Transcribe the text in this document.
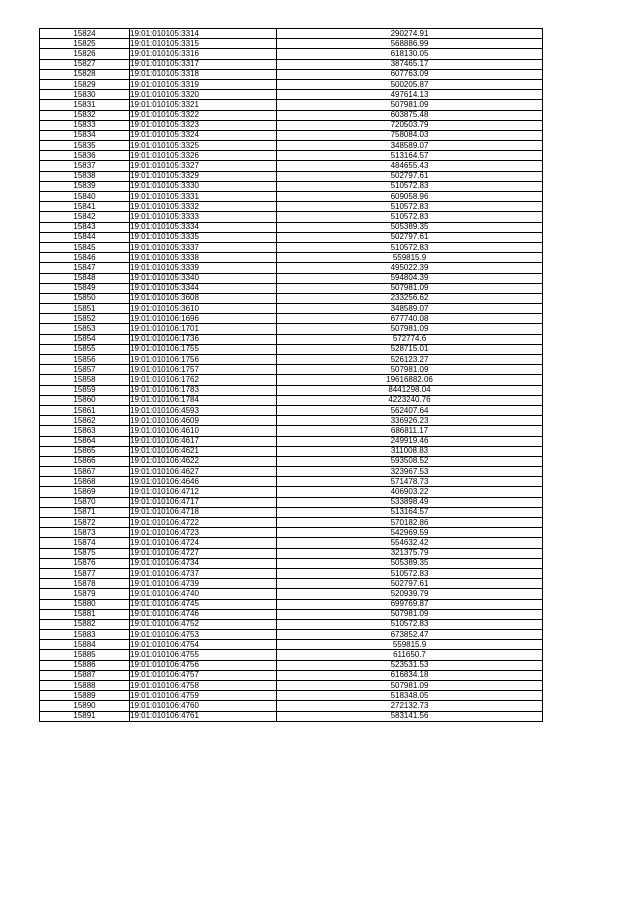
15824	19:01:010105:3314	290274.91
15825	19:01:010105:3315	568886.99
15826	19:01:010105:3316	618130.05
15827	19:01:010105:3317	387465.17
15828	19:01:010105:3318	607763.09
15829	19:01:010105:3319	500205.87
15830	19:01:010105:3320	497614.13
15831	19:01:010105:3321	507981.09
15832	19:01:010105:3322	603875.48
15833	19:01:010105:3323	720503.79
15834	19:01:010105:3324	758084.03
15835	19:01:010105:3325	348589.07
15836	19:01:010105:3326	513164.57
15837	19:01:010105:3327	484655.43
15838	19:01:010105:3329	502797.61
15839	19:01:010105:3330	510572.83
15840	19:01:010105:3331	609058.96
15841	19:01:010105:3332	510572.83
15842	19:01:010105:3333	510572.83
15843	19:01:010105:3334	505389.35
15844	19:01:010105:3335	502797.61
15845	19:01:010105:3337	510572.83
15846	19:01:010105:3338	559815.9
15847	19:01:010105:3339	495022.39
15848	19:01:010105:3340	594804.39
15849	19:01:010105:3344	507981.09
15850	19:01:010105:3608	233256.62
15851	19:01:010105:3610	348589.07
15852	19:01:010106:1696	677740.08
15853	19:01:010106:1701	507981.09
15854	19:01:010106:1736	572774.6
15855	19:01:010106:1755	528715.01
15856	19:01:010106:1756	526123.27
15857	19:01:010106:1757	507981.09
15858	19:01:010106:1762	19616882.06
15859	19:01:010106:1783	8441298.04
15860	19:01:010106:1784	4223240.76
15861	19:01:010106:4593	562407.64
15862	19:01:010106:4609	336926.23
15863	19:01:010106:4610	686811.17
15864	19:01:010106:4617	249919.46
15865	19:01:010106:4621	311008.83
15866	19:01:010106:4622	593508.52
15867	19:01:010106:4627	323967.53
15868	19:01:010106:4646	571478.73
15869	19:01:010106:4712	406903.22
15870	19:01:010106:4717	533898.49
15871	19:01:010106:4718	513164.57
15872	19:01:010106:4722	570182.86
15873	19:01:010106:4723	542969.59
15874	19:01:010106:4724	554632.42
15875	19:01:010106:4727	321375.79
15876	19:01:010106:4734	505389.35
15877	19:01:010106:4737	510572.83
15878	19:01:010106:4739	502797.61
15879	19:01:010106:4740	520939.79
15880	19:01:010106:4745	699769.87
15881	19:01:010106:4746	507981.09
15882	19:01:010106:4752	510572.83
15883	19:01:010106:4753	673852.47
15884	19:01:010106:4754	559815.9
15885	19:01:010106:4755	611650.7
15886	19:01:010106:4756	523531.53
15887	19:01:010106:4757	616834.18
15888	19:01:010106:4758	507981.09
15889	19:01:010106:4759	518348.05
15890	19:01:010106:4760	272132.73
15891	19:01:010106:4761	583141.56
